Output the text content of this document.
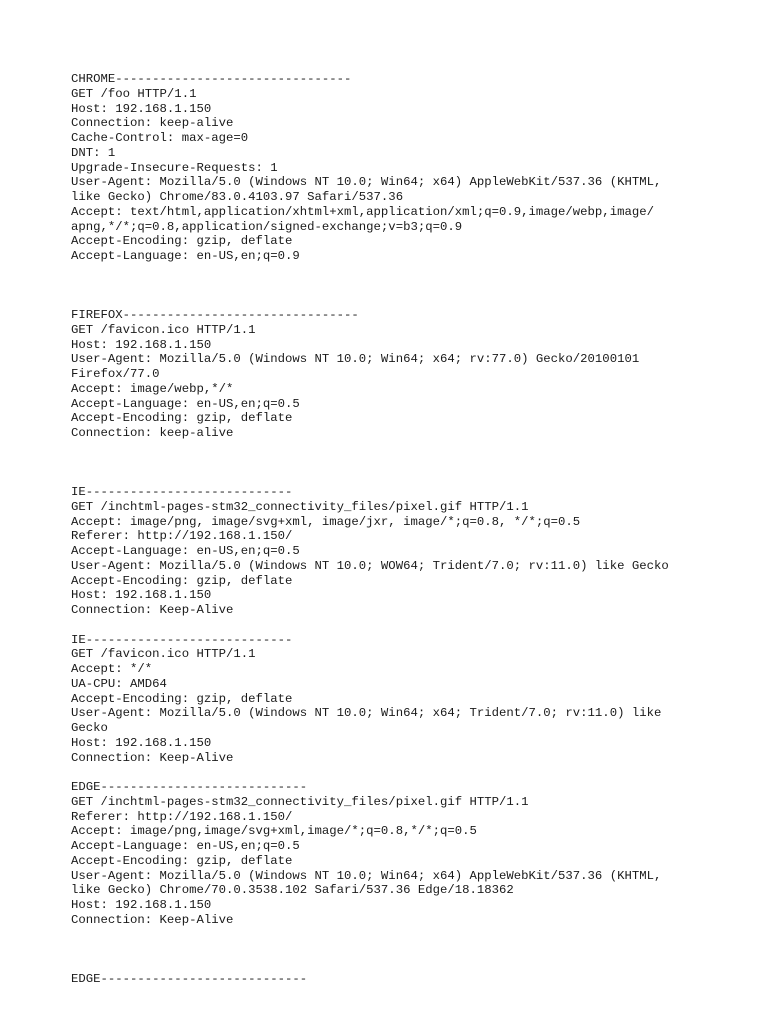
CHROME--------------------------------
GET /foo HTTP/1.1
Host: 192.168.1.150
Connection: keep-alive
Cache-Control: max-age=0
DNT: 1
Upgrade-Insecure-Requests: 1
User-Agent: Mozilla/5.0 (Windows NT 10.0; Win64; x64) AppleWebKit/537.36 (KHTML,
like Gecko) Chrome/83.0.4103.97 Safari/537.36
Accept: text/html,application/xhtml+xml,application/xml;q=0.9,image/webp,image/
apng,*/*;q=0.8,application/signed-exchange;v=b3;q=0.9
Accept-Encoding: gzip, deflate
Accept-Language: en-US,en;q=0.9
FIREFOX--------------------------------
GET /favicon.ico HTTP/1.1
Host: 192.168.1.150
User-Agent: Mozilla/5.0 (Windows NT 10.0; Win64; x64; rv:77.0) Gecko/20100101
Firefox/77.0
Accept: image/webp,*/*
Accept-Language: en-US,en;q=0.5
Accept-Encoding: gzip, deflate
Connection: keep-alive
IE----------------------------
GET /inchtml-pages-stm32_connectivity_files/pixel.gif HTTP/1.1
Accept: image/png, image/svg+xml, image/jxr, image/*;q=0.8, */*;q=0.5
Referer: http://192.168.1.150/
Accept-Language: en-US,en;q=0.5
User-Agent: Mozilla/5.0 (Windows NT 10.0; WOW64; Trident/7.0; rv:11.0) like Gecko
Accept-Encoding: gzip, deflate
Host: 192.168.1.150
Connection: Keep-Alive
IE----------------------------
GET /favicon.ico HTTP/1.1
Accept: */*
UA-CPU: AMD64
Accept-Encoding: gzip, deflate
User-Agent: Mozilla/5.0 (Windows NT 10.0; Win64; x64; Trident/7.0; rv:11.0) like
Gecko
Host: 192.168.1.150
Connection: Keep-Alive
EDGE----------------------------
GET /inchtml-pages-stm32_connectivity_files/pixel.gif HTTP/1.1
Referer: http://192.168.1.150/
Accept: image/png,image/svg+xml,image/*;q=0.8,*/*;q=0.5
Accept-Language: en-US,en;q=0.5
Accept-Encoding: gzip, deflate
User-Agent: Mozilla/5.0 (Windows NT 10.0; Win64; x64) AppleWebKit/537.36 (KHTML,
like Gecko) Chrome/70.0.3538.102 Safari/537.36 Edge/18.18362
Host: 192.168.1.150
Connection: Keep-Alive
EDGE----------------------------
